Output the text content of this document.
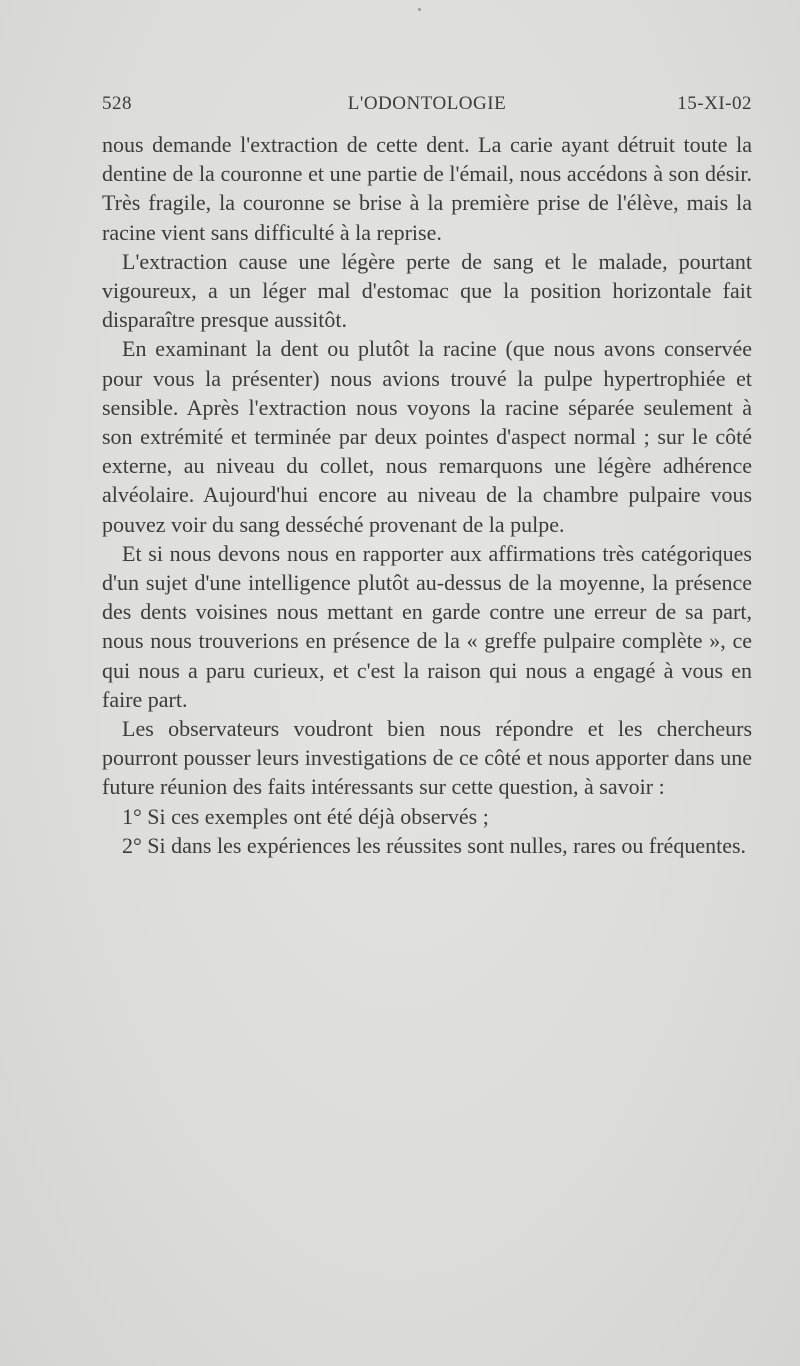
528	L'ODONTOLOGIE	15-XI-02

nous demande l'extraction de cette dent. La carie ayant détruit toute la dentine de la couronne et une partie de l'émail, nous accédons à son désir. Très fragile, la couronne se brise à la première prise de l'élève, mais la racine vient sans difficulté à la reprise.

L'extraction cause une légère perte de sang et le malade, pourtant vigoureux, a un léger mal d'estomac que la position horizontale fait disparaître presque aussitôt.

En examinant la dent ou plutôt la racine (que nous avons conservée pour vous la présenter) nous avions trouvé la pulpe hypertrophiée et sensible. Après l'extraction nous voyons la racine séparée seulement à son extrémité et terminée par deux pointes d'aspect normal ; sur le côté externe, au niveau du collet, nous remarquons une légère adhérence alvéolaire. Aujourd'hui encore au niveau de la chambre pulpaire vous pouvez voir du sang desséché provenant de la pulpe.

Et si nous devons nous en rapporter aux affirmations très catégoriques d'un sujet d'une intelligence plutôt au-dessus de la moyenne, la présence des dents voisines nous mettant en garde contre une erreur de sa part, nous nous trouverions en présence de la « greffe pulpaire complète », ce qui nous a paru curieux, et c'est la raison qui nous a engagé à vous en faire part.

Les observateurs voudront bien nous répondre et les chercheurs pourront pousser leurs investigations de ce côté et nous apporter dans une future réunion des faits intéressants sur cette question, à savoir :

1° Si ces exemples ont été déjà observés ;

2° Si dans les expériences les réussites sont nulles, rares ou fréquentes.
